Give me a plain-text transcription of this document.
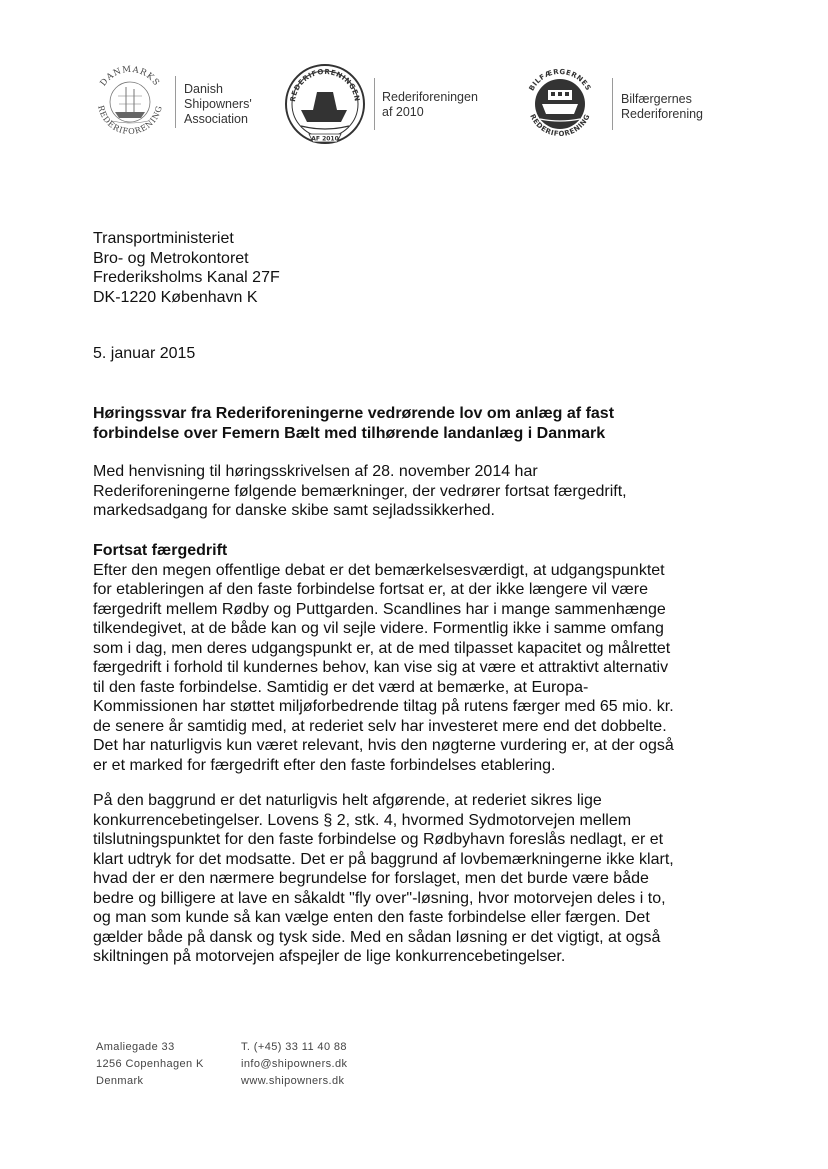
DANMARKS
REDERIFORENING
Danish
Shipowners'
Association
REDERIFORENINGEN
AF 2010
Rederiforeningen
af 2010
BILFÆRGERNES
REDERIFORENING
Bilfærgernes
Rederiforening
Transportministeriet
Bro- og Metrokontoret
Frederiksholms Kanal 27F
DK-1220 København K
5. januar 2015
Høringssvar fra Rederiforeningerne vedrørende lov om anlæg af fast
forbindelse over Femern Bælt med tilhørende landanlæg i Danmark
Med henvisning til høringsskrivelsen af 28. november 2014 har
Rederiforeningerne følgende bemærkninger, der vedrører fortsat færgedrift,
markedsadgang for danske skibe samt sejladssikkerhed.
Fortsat færgedrift
Efter den megen offentlige debat er det bemærkelsesværdigt, at udgangspunktet
for etableringen af den faste forbindelse fortsat er, at der ikke længere vil være
færgedrift mellem Rødby og Puttgarden. Scandlines har i mange sammenhænge
tilkendegivet, at de både kan og vil sejle videre. Formentlig ikke i samme omfang
som i dag, men deres udgangspunkt er, at de med tilpasset kapacitet og målrettet
færgedrift i forhold til kundernes behov, kan vise sig at være et attraktivt alternativ
til den faste forbindelse. Samtidig er det værd at bemærke, at Europa-
Kommissionen har støttet miljøforbedrende tiltag på rutens færger med 65 mio. kr.
de senere år samtidig med, at rederiet selv har investeret mere end det dobbelte.
Det har naturligvis kun været relevant, hvis den nøgterne vurdering er, at der også
er et marked for færgedrift efter den faste forbindelses etablering.
På den baggrund er det naturligvis helt afgørende, at rederiet sikres lige
konkurrencebetingelser. Lovens § 2, stk. 4, hvormed Sydmotorvejen mellem
tilslutningspunktet for den faste forbindelse og Rødbyhavn foreslås nedlagt, er et
klart udtryk for det modsatte. Det er på baggrund af lovbemærkningerne ikke klart,
hvad der er den nærmere begrundelse for forslaget, men det burde være både
bedre og billigere at lave en såkaldt "fly over"-løsning, hvor motorvejen deles i to,
og man som kunde så kan vælge enten den faste forbindelse eller færgen. Det
gælder både på dansk og tysk side. Med en sådan løsning er det vigtigt, at også
skiltningen på motorvejen afspejler de lige konkurrencebetingelser.
Amaliegade 33
1256 Copenhagen K
Denmark
T. (+45) 33 11 40 88
info@shipowners.dk
www.shipowners.dk
